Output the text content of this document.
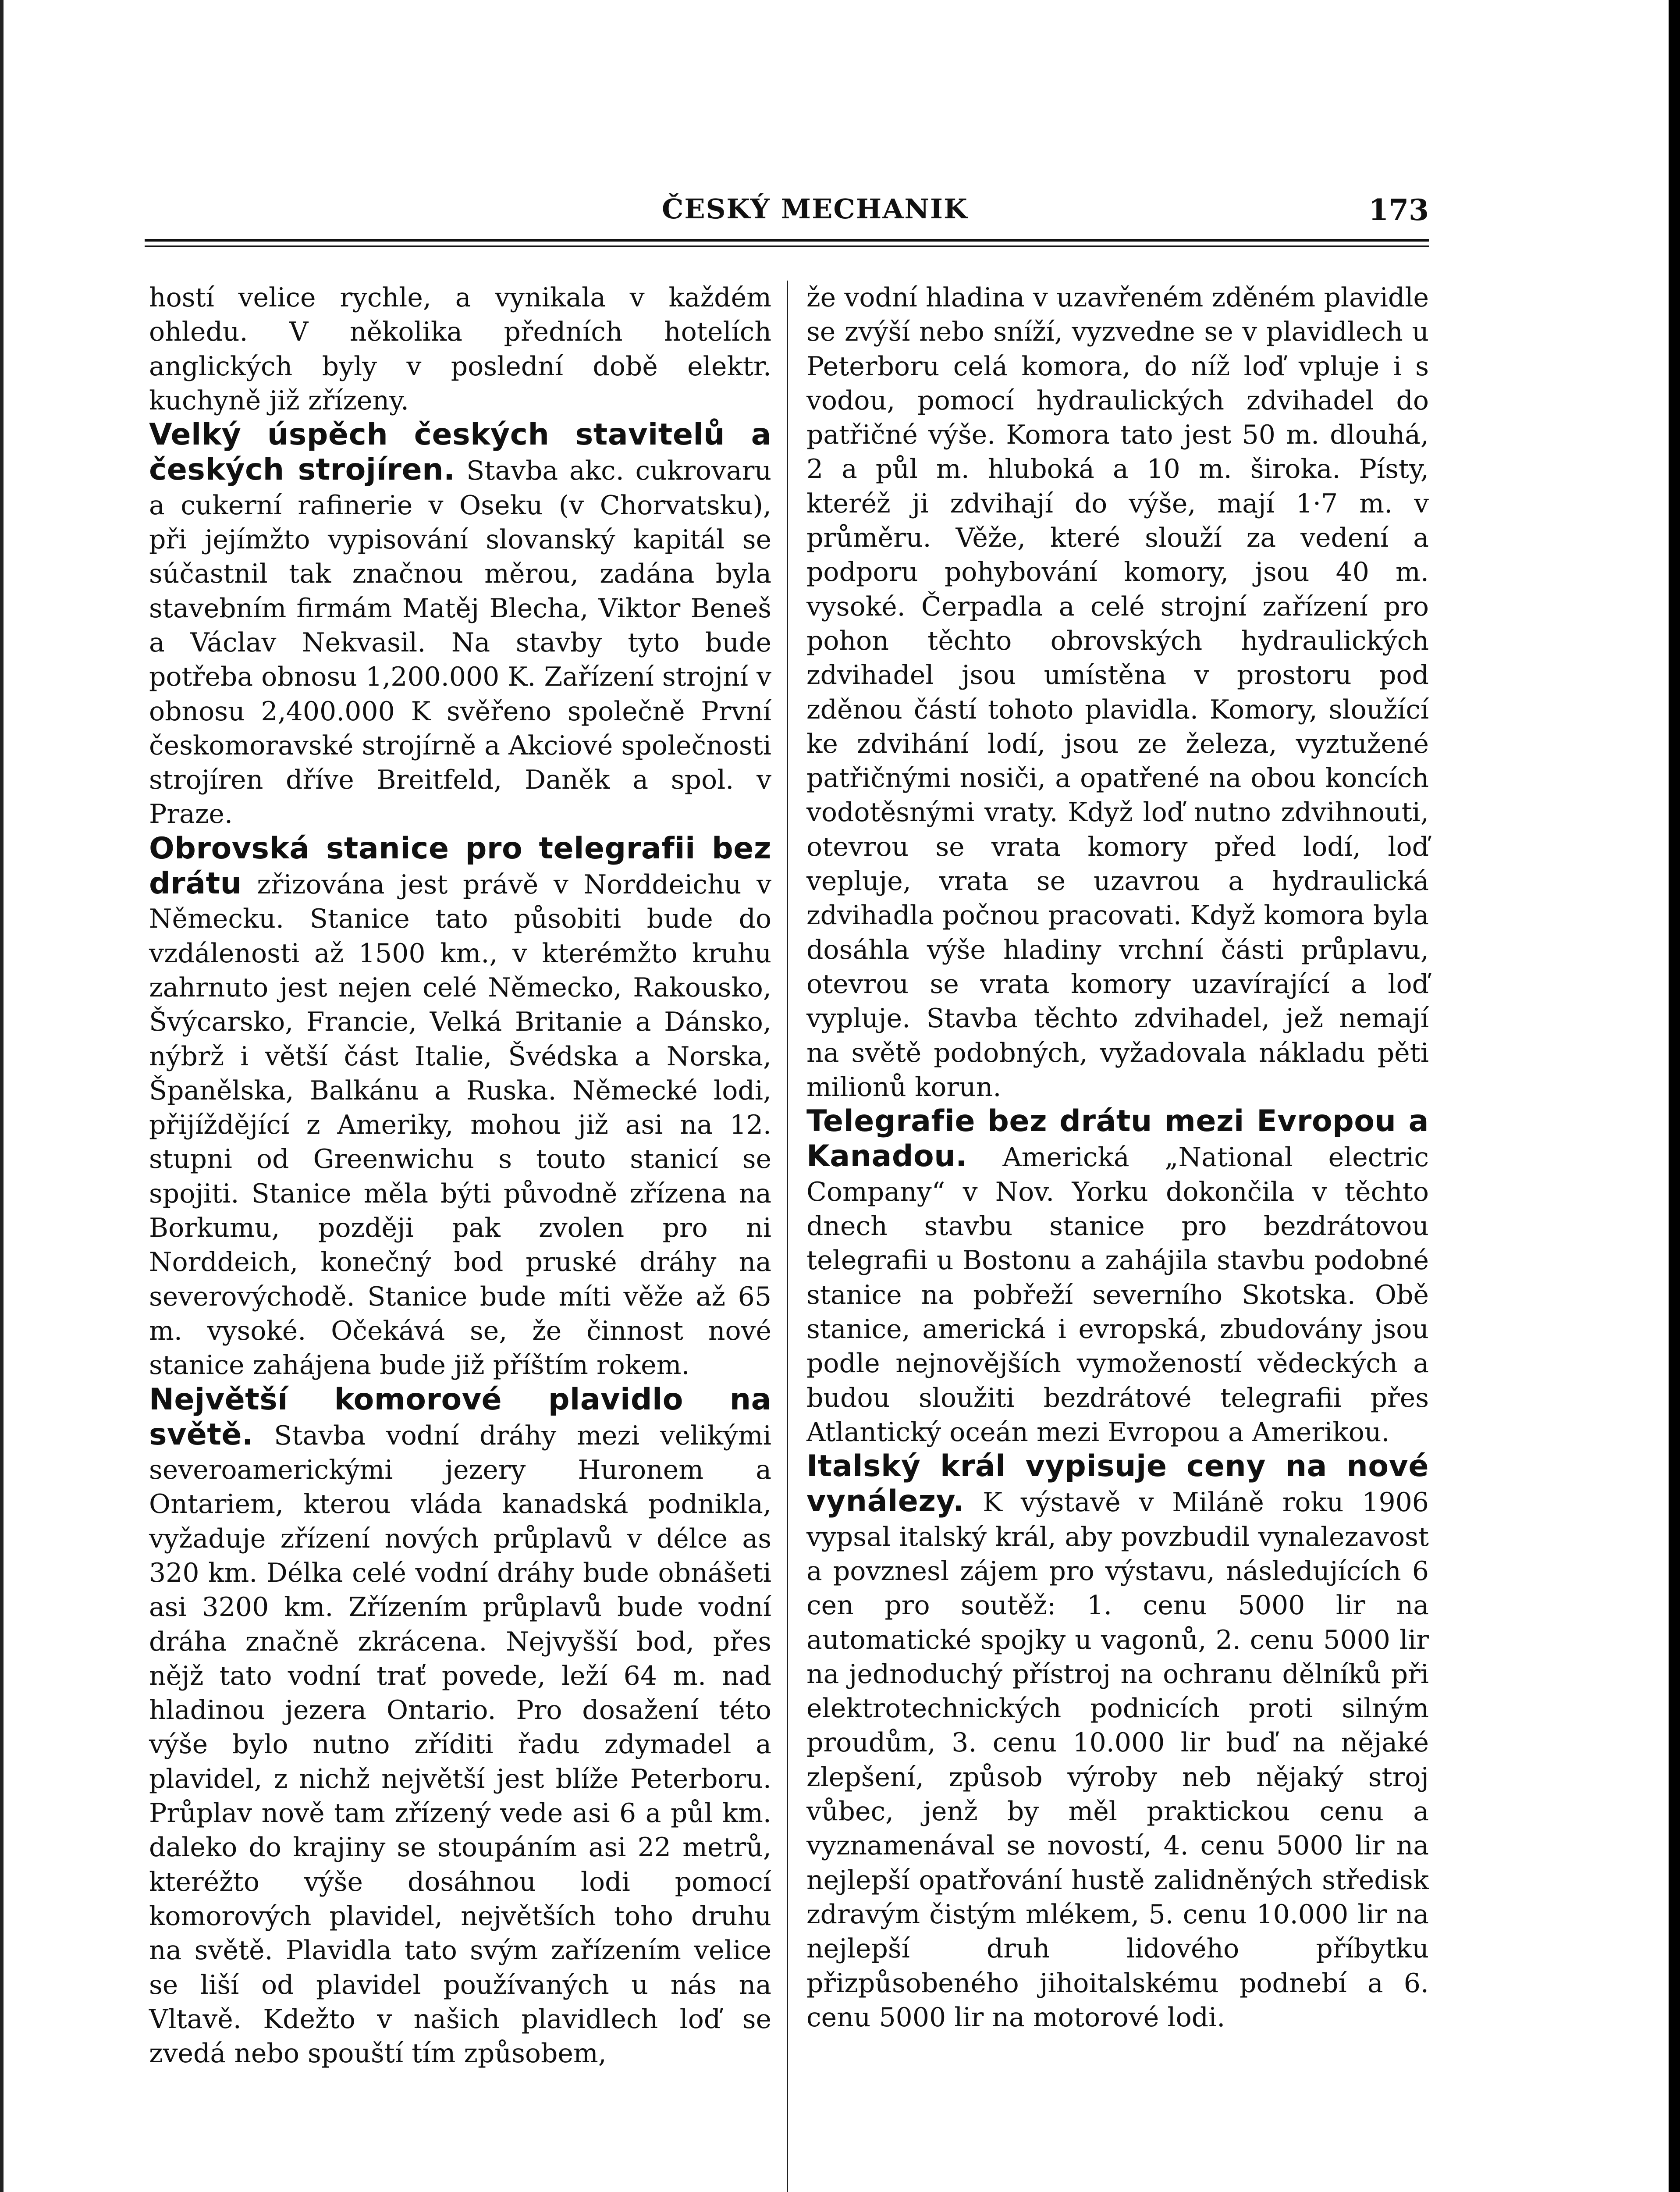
ČESKÝ MECHANIK	173

hostí velice rychle, a vynikala v každém ohledu. V několika předních hotelích anglických byly v poslední době elektr. kuchyně již zřízeny.

Velký úspěch českých stavitelů a českých strojíren. Stavba akc. cukrovaru a cukerní rafinerie v Oseku (v Chorvatsku), při jejímžto vypisování slovanský kapitál se súčastnil tak značnou měrou, zadána byla stavebním firmám Matěj Blecha, Viktor Beneš a Václav Nekvasil. Na stavby tyto bude potřeba obnosu 1,200.000 K. Zařízení strojní v obnosu 2,400.000 K svěřeno společně První českomoravské strojírně a Akciové společnosti strojíren dříve Breitfeld, Daněk a spol. v Praze.

Obrovská stanice pro telegrafii bez drátu zřizována jest právě v Norddeichu v Německu. Stanice tato působiti bude do vzdálenosti až 1500 km., v kterémžto kruhu zahrnuto jest nejen celé Německo, Rakousko, Švýcarsko, Francie, Velká Britanie a Dánsko, nýbrž i větší část Italie, Švédska a Norska, Španělska, Balkánu a Ruska. Německé lodi, přijíždějící z Ameriky, mohou již asi na 12. stupni od Greenwichu s touto stanicí se spojiti. Stanice měla býti původně zřízena na Borkumu, později pak zvolen pro ni Norddeich, konečný bod pruské dráhy na severovýchodě. Stanice bude míti věže až 65 m. vysoké. Očekává se, že činnost nové stanice zahájena bude již příštím rokem.

Největší komorové plavidlo na světě. Stavba vodní dráhy mezi velikými severoamerickými jezery Huronem a Ontariem, kterou vláda kanadská podnikla, vyžaduje zřízení nových průplavů v délce as 320 km. Délka celé vodní dráhy bude obnášeti asi 3200 km. Zřízením průplavů bude vodní dráha značně zkrácena. Nejvyšší bod, přes nějž tato vodní trať povede, leží 64 m. nad hladinou jezera Ontario. Pro dosažení této výše bylo nutno zříditi řadu zdymadel a plavidel, z nichž největší jest blíže Peterboru. Průplav nově tam zřízený vede asi 6 a půl km. daleko do krajiny se stoupáním asi 22 metrů, kteréžto výše dosáhnou lodi pomocí komorových plavidel, největších toho druhu na světě. Plavidla tato svým zařízením velice se liší od plavidel používaných u nás na Vltavě. Kdežto v našich plavidlech loď se zvedá nebo spouští tím způsobem,

že vodní hladina v uzavřeném zděném plavidle se zvýší nebo sníží, vyzvedne se v plavidlech u Peterboru celá komora, do níž loď vpluje i s vodou, pomocí hydraulických zdvihadel do patřičné výše. Komora tato jest 50 m. dlouhá, 2 a půl m. hluboká a 10 m. široka. Písty, kteréž ji zdvihají do výše, mají 1·7 m. v průměru. Věže, které slouží za vedení a podporu pohybování komory, jsou 40 m. vysoké. Čerpadla a celé strojní zařízení pro pohon těchto obrovských hydraulických zdvihadel jsou umístěna v prostoru pod zděnou částí tohoto plavidla. Komory, sloužící ke zdvihání lodí, jsou ze železa, vyztužené patřičnými nosiči, a opatřené na obou koncích vodotěsnými vraty. Když loď nutno zdvihnouti, otevrou se vrata komory před lodí, loď vepluje, vrata se uzavrou a hydraulická zdvihadla počnou pracovati. Když komora byla dosáhla výše hladiny vrchní části průplavu, otevrou se vrata komory uzavírající a loď vypluje. Stavba těchto zdvihadel, jež nemají na světě podobných, vyžadovala nákladu pěti milionů korun.

Telegrafie bez drátu mezi Evropou a Kanadou. Americká „National electric Company“ v Nov. Yorku dokončila v těchto dnech stavbu stanice pro bezdrátovou telegrafii u Bostonu a zahájila stavbu podobné stanice na pobřeží severního Skotska. Obě stanice, americká i evropská, zbudovány jsou podle nejnovějších vymožeností vědeckých a budou sloužiti bezdrátové telegrafii přes Atlantický oceán mezi Evropou a Amerikou.

Italský král vypisuje ceny na nové vynálezy. K výstavě v Miláně roku 1906 vypsal italský král, aby povzbudil vynalezavost a povznesl zájem pro výstavu, následujících 6 cen pro soutěž: 1. cenu 5000 lir na automatické spojky u vagonů, 2. cenu 5000 lir na jednoduchý přístroj na ochranu dělníků při elektrotechnických podnicích proti silným proudům, 3. cenu 10.000 lir buď na nějaké zlepšení, způsob výroby neb nějaký stroj vůbec, jenž by měl praktickou cenu a vyznamenával se novostí, 4. cenu 5000 lir na nejlepší opatřování hustě zalidněných středisk zdravým čistým mlékem, 5. cenu 10.000 lir na nejlepší druh lidového příbytku přizpůsobeného jihoitalskému podnebí a 6. cenu 5000 lir na motorové lodi.
